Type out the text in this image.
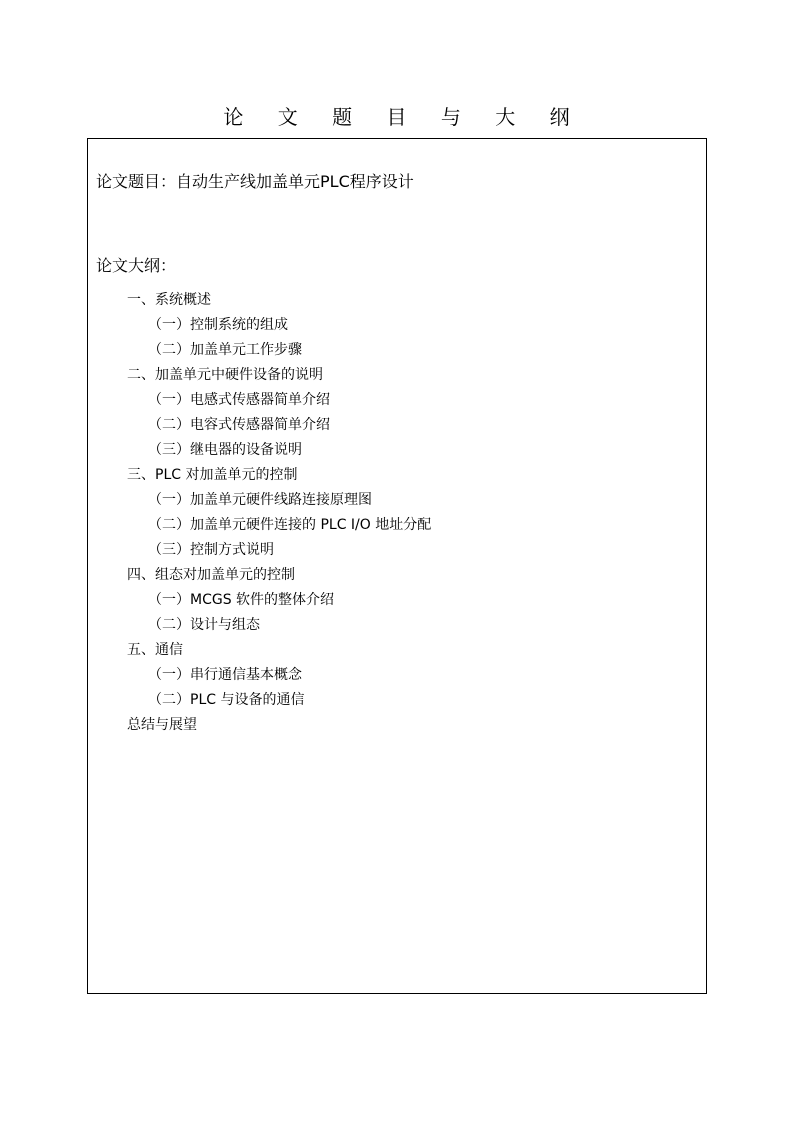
论 文 题 目 与 大 纲
论文题目：自动生产线加盖单元PLC程序设计
论文大纲：
一、系统概述
（一）控制系统的组成
（二）加盖单元工作步骤
二、加盖单元中硬件设备的说明
（一）电感式传感器简单介绍
（二）电容式传感器简单介绍
（三）继电器的设备说明
三、PLC 对加盖单元的控制
（一）加盖单元硬件线路连接原理图
（二）加盖单元硬件连接的 PLC I/O 地址分配
（三）控制方式说明
四、组态对加盖单元的控制
（一）MCGS 软件的整体介绍
（二）设计与组态
五、通信
（一）串行通信基本概念
（二）PLC 与设备的通信
总结与展望
